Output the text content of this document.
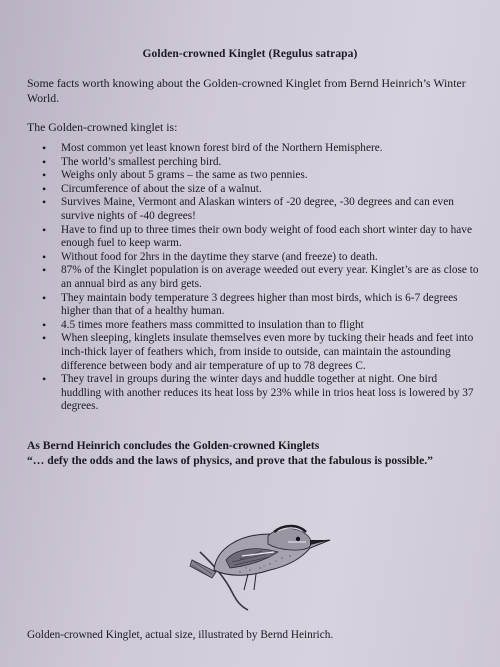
Golden-crowned Kinglet (Regulus satrapa)
Some facts worth knowing about the Golden-crowned Kinglet from Bernd Heinrich’s Winter World.
The Golden-crowned kinglet is:
• Most common yet least known forest bird of the Northern Hemisphere.
• The world’s smallest perching bird.
• Weighs only about 5 grams – the same as two pennies.
• Circumference of about the size of a walnut.
• Survives Maine, Vermont and Alaskan winters of -20 degree, -30 degrees and can even survive nights of -40 degrees!
• Have to find up to three times their own body weight of food each short winter day to have enough fuel to keep warm.
• Without food for 2hrs in the daytime they starve (and freeze) to death.
• 87% of the Kinglet population is on average weeded out every year. Kinglet’s are as close to an annual bird as any bird gets.
• They maintain body temperature 3 degrees higher than most birds, which is 6-7 degrees higher than that of a healthy human.
• 4.5 times more feathers mass committed to insulation than to flight
• When sleeping, kinglets insulate themselves even more by tucking their heads and feet into inch-thick layer of feathers which, from inside to outside, can maintain the astounding difference between body and air temperature of up to 78 degrees C.
• They travel in groups during the winter days and huddle together at night. One bird huddling with another reduces its heat loss by 23% while in trios heat loss is lowered by 37 degrees.
As Bernd Heinrich concludes the Golden-crowned Kinglets
“… defy the odds and the laws of physics, and prove that the fabulous is possible.”
Golden-crowned Kinglet, actual size, illustrated by Bernd Heinrich.
